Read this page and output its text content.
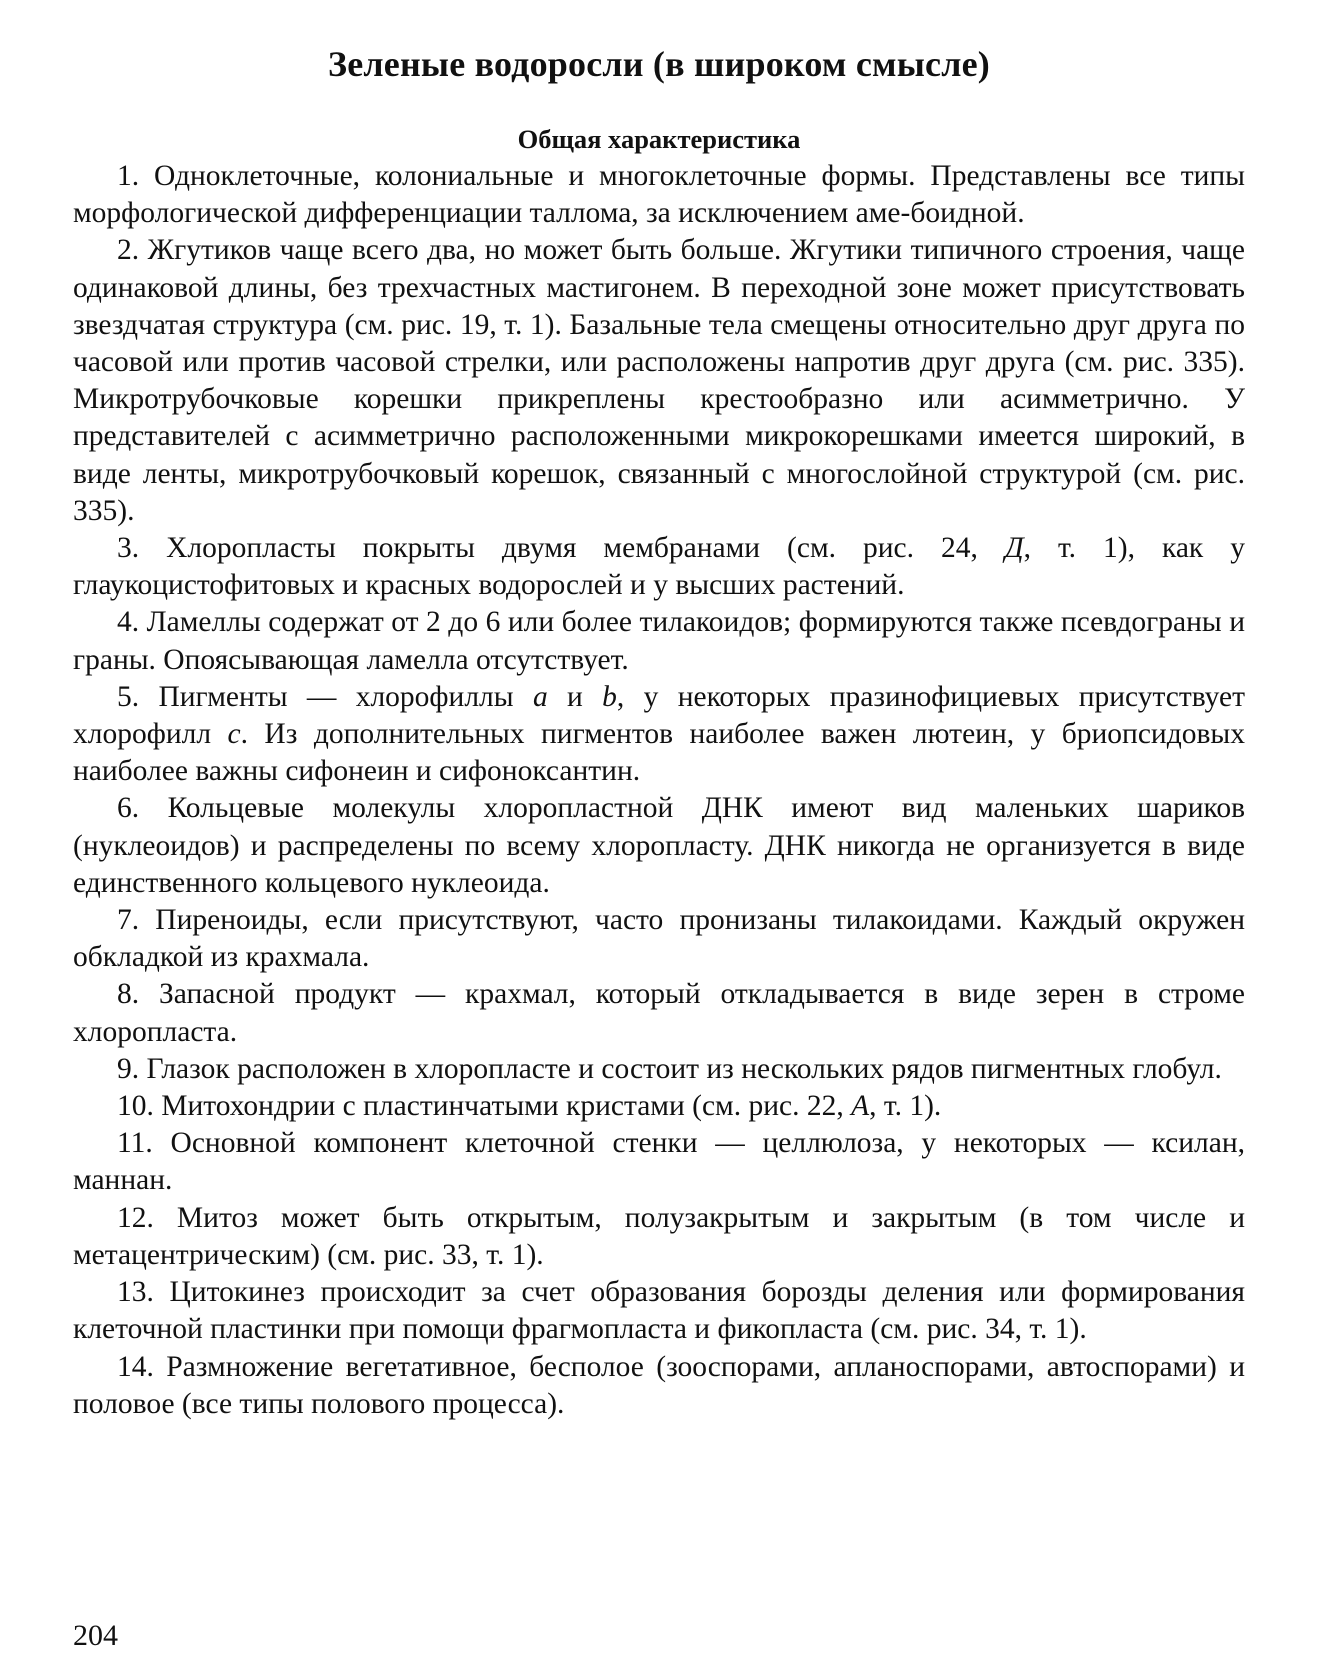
Зеленые водоросли (в широком смысле)
Общая характеристика

1. Одноклеточные, колониальные и многоклеточные формы. Представлены все типы морфологической дифференциации таллома, за исключением аме-боидной.

2. Жгутиков чаще всего два, но может быть больше. Жгутики типичного строения, чаще одинаковой длины, без трехчастных мастигонем. В переходной зоне может присутствовать звездчатая структура (см. рис. 19, т. 1). Базальные тела смещены относительно друг друга по часовой или против часовой стрелки, или расположены напротив друг друга (см. рис. 335). Микротрубочковые корешки прикреплены крестообразно или асимметрично. У представителей с асимметрично расположенными микрокорешками имеется широкий, в виде ленты, микротрубочковый корешок, связанный с многослойной структурой (см. рис. 335).

3. Хлоропласты покрыты двумя мембранами (см. рис. 24, Д, т. 1), как у глаукоцистофитовых и красных водорослей и у высших растений.

4. Ламеллы содержат от 2 до 6 или более тилакоидов; формируются также псевдограны и граны. Опоясывающая ламелла отсутствует.

5. Пигменты — хлорофиллы a и b, у некоторых празинофициевых присутствует хлорофилл c. Из дополнительных пигментов наиболее важен лютеин, у бриопсидовых наиболее важны сифонеин и сифоноксантин.

6. Кольцевые молекулы хлоропластной ДНК имеют вид маленьких шариков (нуклеоидов) и распределены по всему хлоропласту. ДНК никогда не организуется в виде единственного кольцевого нуклеоида.

7. Пиреноиды, если присутствуют, часто пронизаны тилакоидами. Каждый окружен обкладкой из крахмала.

8. Запасной продукт — крахмал, который откладывается в виде зерен в строме хлоропласта.

9. Глазок расположен в хлоропласте и состоит из нескольких рядов пигментных глобул.

10. Митохондрии с пластинчатыми кристами (см. рис. 22, А, т. 1).

11. Основной компонент клеточной стенки — целлюлоза, у некоторых — ксилан, маннан.

12. Митоз может быть открытым, полузакрытым и закрытым (в том числе и метацентрическим) (см. рис. 33, т. 1).

13. Цитокинез происходит за счет образования борозды деления или формирования клеточной пластинки при помощи фрагмопласта и фикопласта (см. рис. 34, т. 1).

14. Размножение вегетативное, бесполое (зооспорами, апланоспорами, автоспорами) и половое (все типы полового процесса).

204
